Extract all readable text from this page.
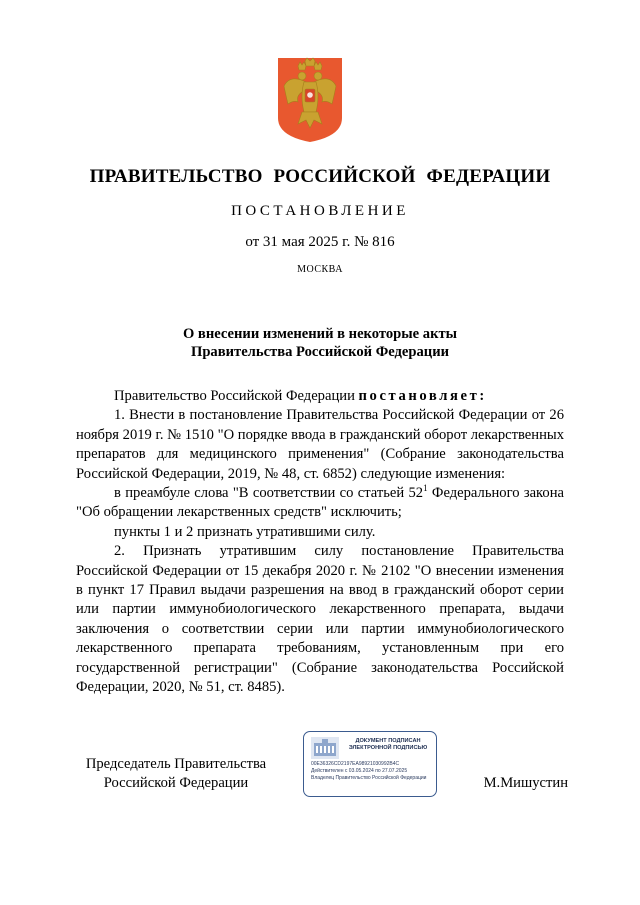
ПРАВИТЕЛЬСТВО РОССИЙСКОЙ ФЕДЕРАЦИИ
ПОСТАНОВЛЕНИЕ
от 31 мая 2025 г. № 816
МОСКВА
О внесении изменений в некоторые акты
Правительства Российской Федерации

Правительство Российской Федерации постановляет:

1. Внести в постановление Правительства Российской Федерации от 26 ноября 2019 г. № 1510 "О порядке ввода в гражданский оборот лекарственных препаратов для медицинского применения" (Собрание законодательства Российской Федерации, 2019, № 48, ст. 6852) следующие изменения:

в преамбуле слова "В соответствии со статьей $52^1$ Федерального закона "Об обращении лекарственных средств" исключить;

пункты 1 и 2 признать утратившими силу.

2. Признать утратившим силу постановление Правительства Российской Федерации от 15 декабря 2020 г. № 2102 "О внесении изменения в пункт 17 Правил выдачи разрешения на ввод в гражданский оборот серии или партии иммунобиологического лекарственного препарата, выдачи заключения о соответствии серии или партии иммунобиологического лекарственного препарата требованиям, установленным при его государственной регистрации" (Собрание законодательства Российской Федерации, 2020, № 51, ст. 8485).

Председатель Правительства
Российской Федерации
ДОКУМЕНТ ПОДПИСАН
ЭЛЕКТРОННОЙ ПОДПИСЬЮ
00E36326CD2197EA98921030992B4C
Действителен с 03.05.2024 по 27.07.2025
Владелец Правительство Российской Федерации	М.Мишустин
